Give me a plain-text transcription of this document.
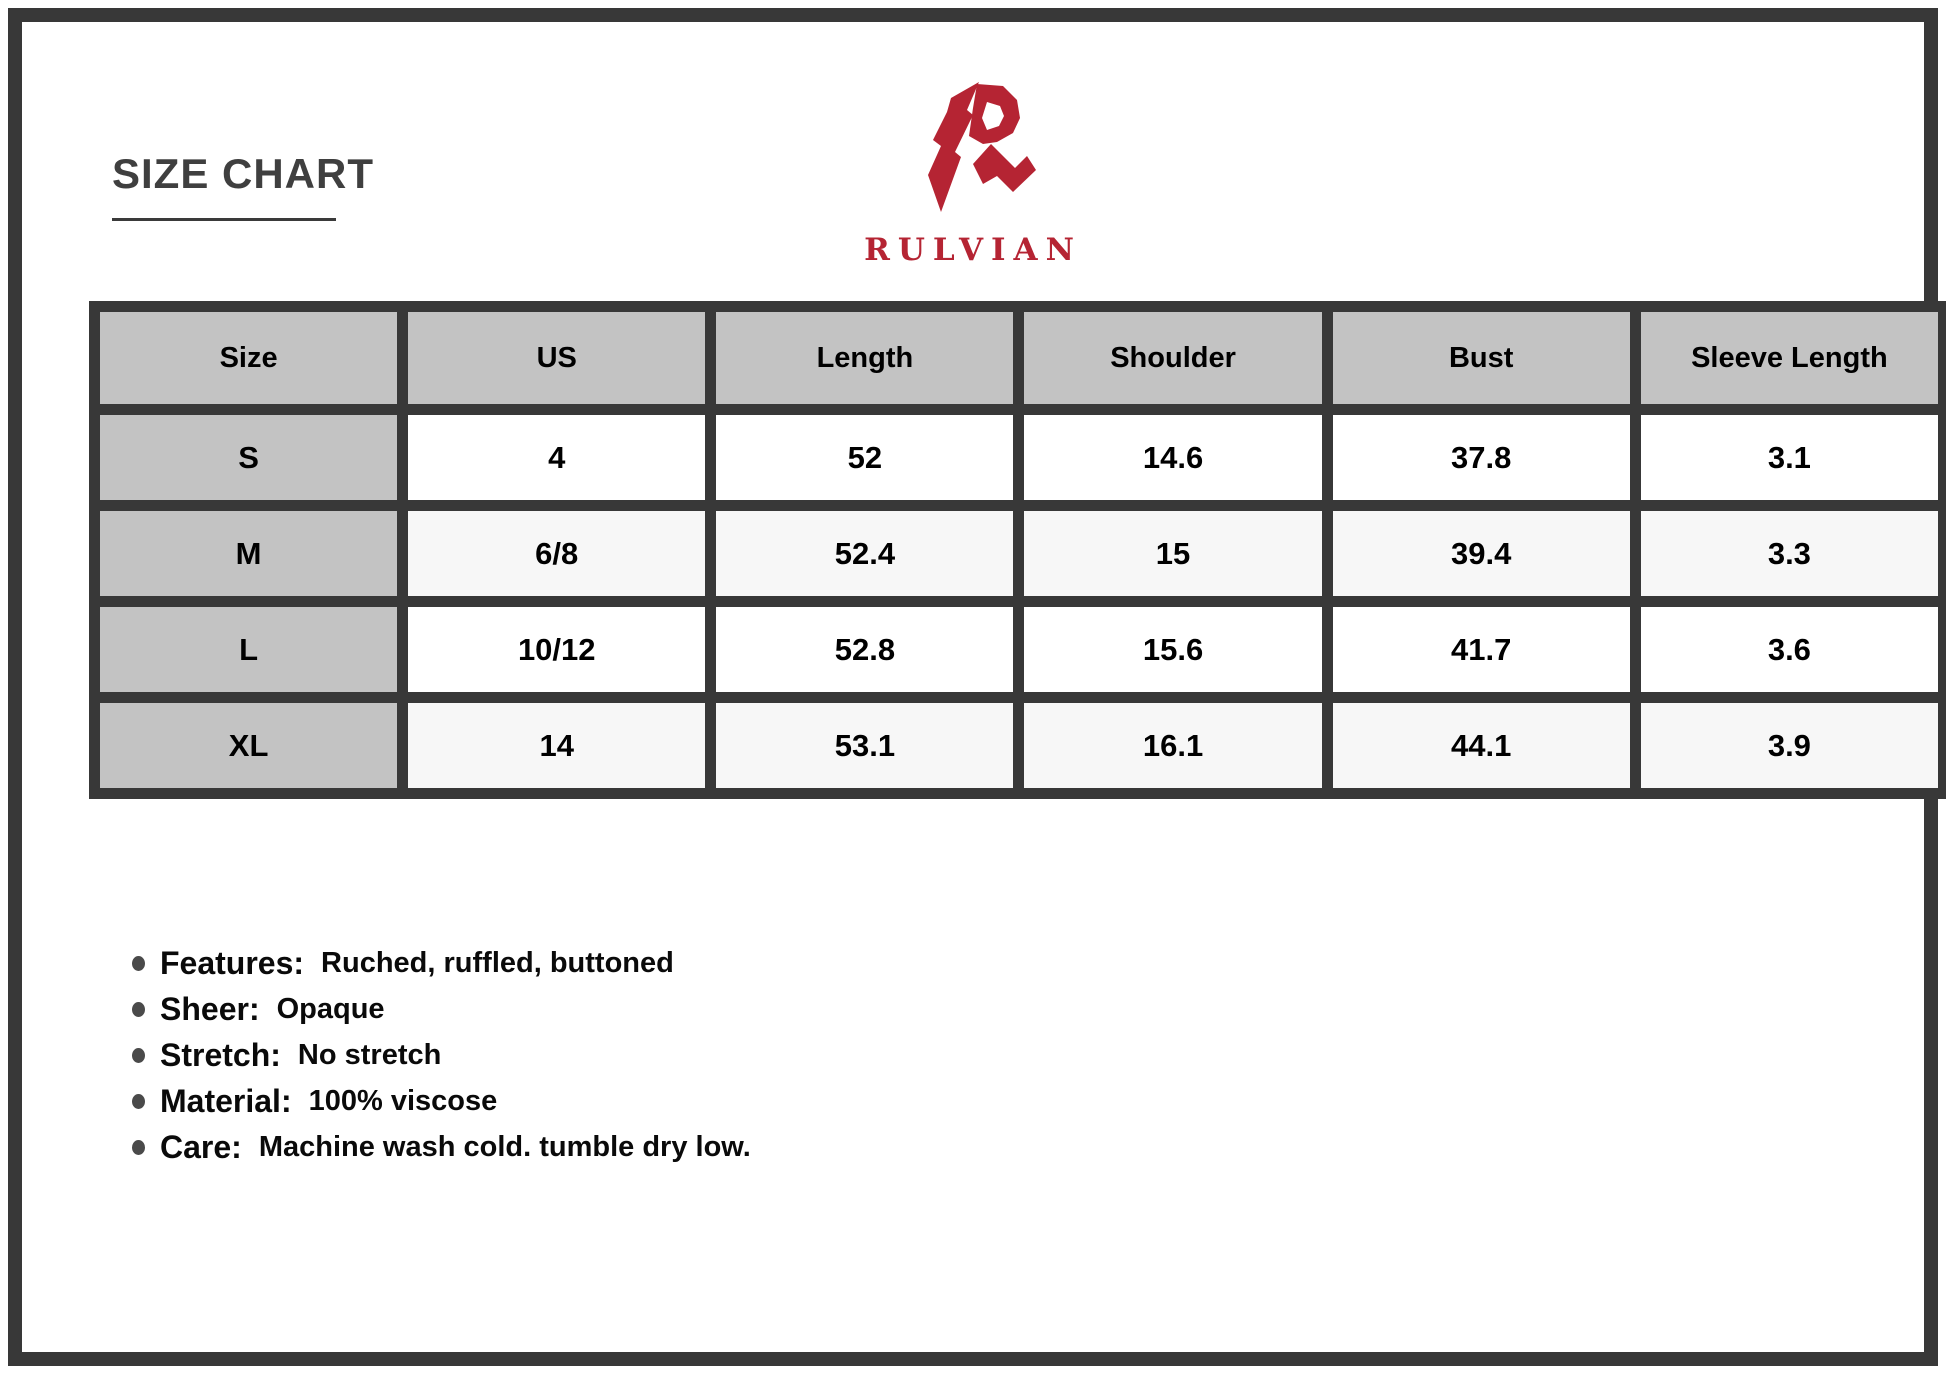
SIZE CHART
RULVIAN
Size	US	Length	Shoulder	Bust	Sleeve Length
S	4	52	14.6	37.8	3.1
M	6/8	52.4	15	39.4	3.3
L	10/12	52.8	15.6	41.7	3.6
XL	14	53.1	16.1	44.1	3.9
Features: Ruched, ruffled, buttoned
Sheer: Opaque
Stretch: No stretch
Material: 100% viscose
Care: Machine wash cold. tumble dry low.
